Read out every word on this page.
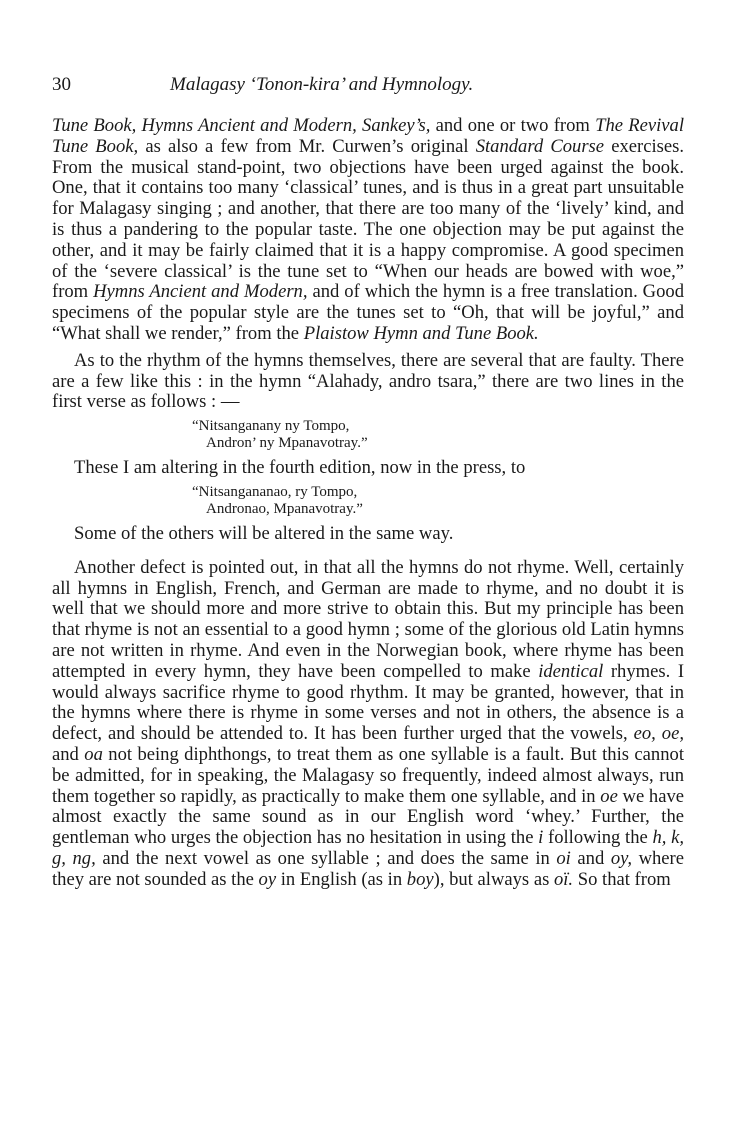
30	Malagasy ‘Tonon-kira’ and Hymnology.

Tune Book, Hymns Ancient and Modern, Sankey’s, and one or two from The Revival Tune Book, as also a few from Mr. Curwen’s original Standard Course exercises. From the musical stand-point, two objections have been urged against the book. One, that it contains too many ‘classical’ tunes, and is thus in a great part unsuitable for Malagasy singing ; and another, that there are too many of the ‘lively’ kind, and is thus a pandering to the popular taste. The one objection may be put against the other, and it may be fairly claimed that it is a happy compromise. A good specimen of the ‘severe classical’ is the tune set to “When our heads are bowed with woe,” from Hymns Ancient and Modern, and of which the hymn is a free translation. Good specimens of the popular style are the tunes set to “Oh, that will be joyful,” and “What shall we render,” from the Plaistow Hymn and Tune Book.

As to the rhythm of the hymns themselves, there are several that are faulty. There are a few like this : in the hymn “Alahady, andro tsara,” there are two lines in the first verse as follows : —

“Nitsanganany ny Tompo,
Andron’ ny Mpanavotray.”

These I am altering in the fourth edition, now in the press, to

“Nitsangananao, ry Tompo,
Andronao, Mpanavotray.”

Some of the others will be altered in the same way.

Another defect is pointed out, in that all the hymns do not rhyme. Well, certainly all hymns in English, French, and German are made to rhyme, and no doubt it is well that we should more and more strive to obtain this. But my principle has been that rhyme is not an essential to a good hymn ; some of the glorious old Latin hymns are not written in rhyme. And even in the Norwegian book, where rhyme has been attempted in every hymn, they have been compelled to make identical rhymes. I would always sacrifice rhyme to good rhythm. It may be granted, however, that in the hymns where there is rhyme in some verses and not in others, the absence is a defect, and should be attended to. It has been further urged that the vowels, eo, oe, and oa not being diphthongs, to treat them as one syllable is a fault. But this cannot be admitted, for in speaking, the Malagasy so frequently, indeed almost always, run them together so rapidly, as practically to make them one syllable, and in oe we have almost exactly the same sound as in our English word ‘whey.’ Further, the gentleman who urges the objection has no hesitation in using the i following the h, k, g, ng, and the next vowel as one syllable ; and does the same in oi and oy, where they are not sounded as the oy in English (as in boy), but always as oï. So that from
